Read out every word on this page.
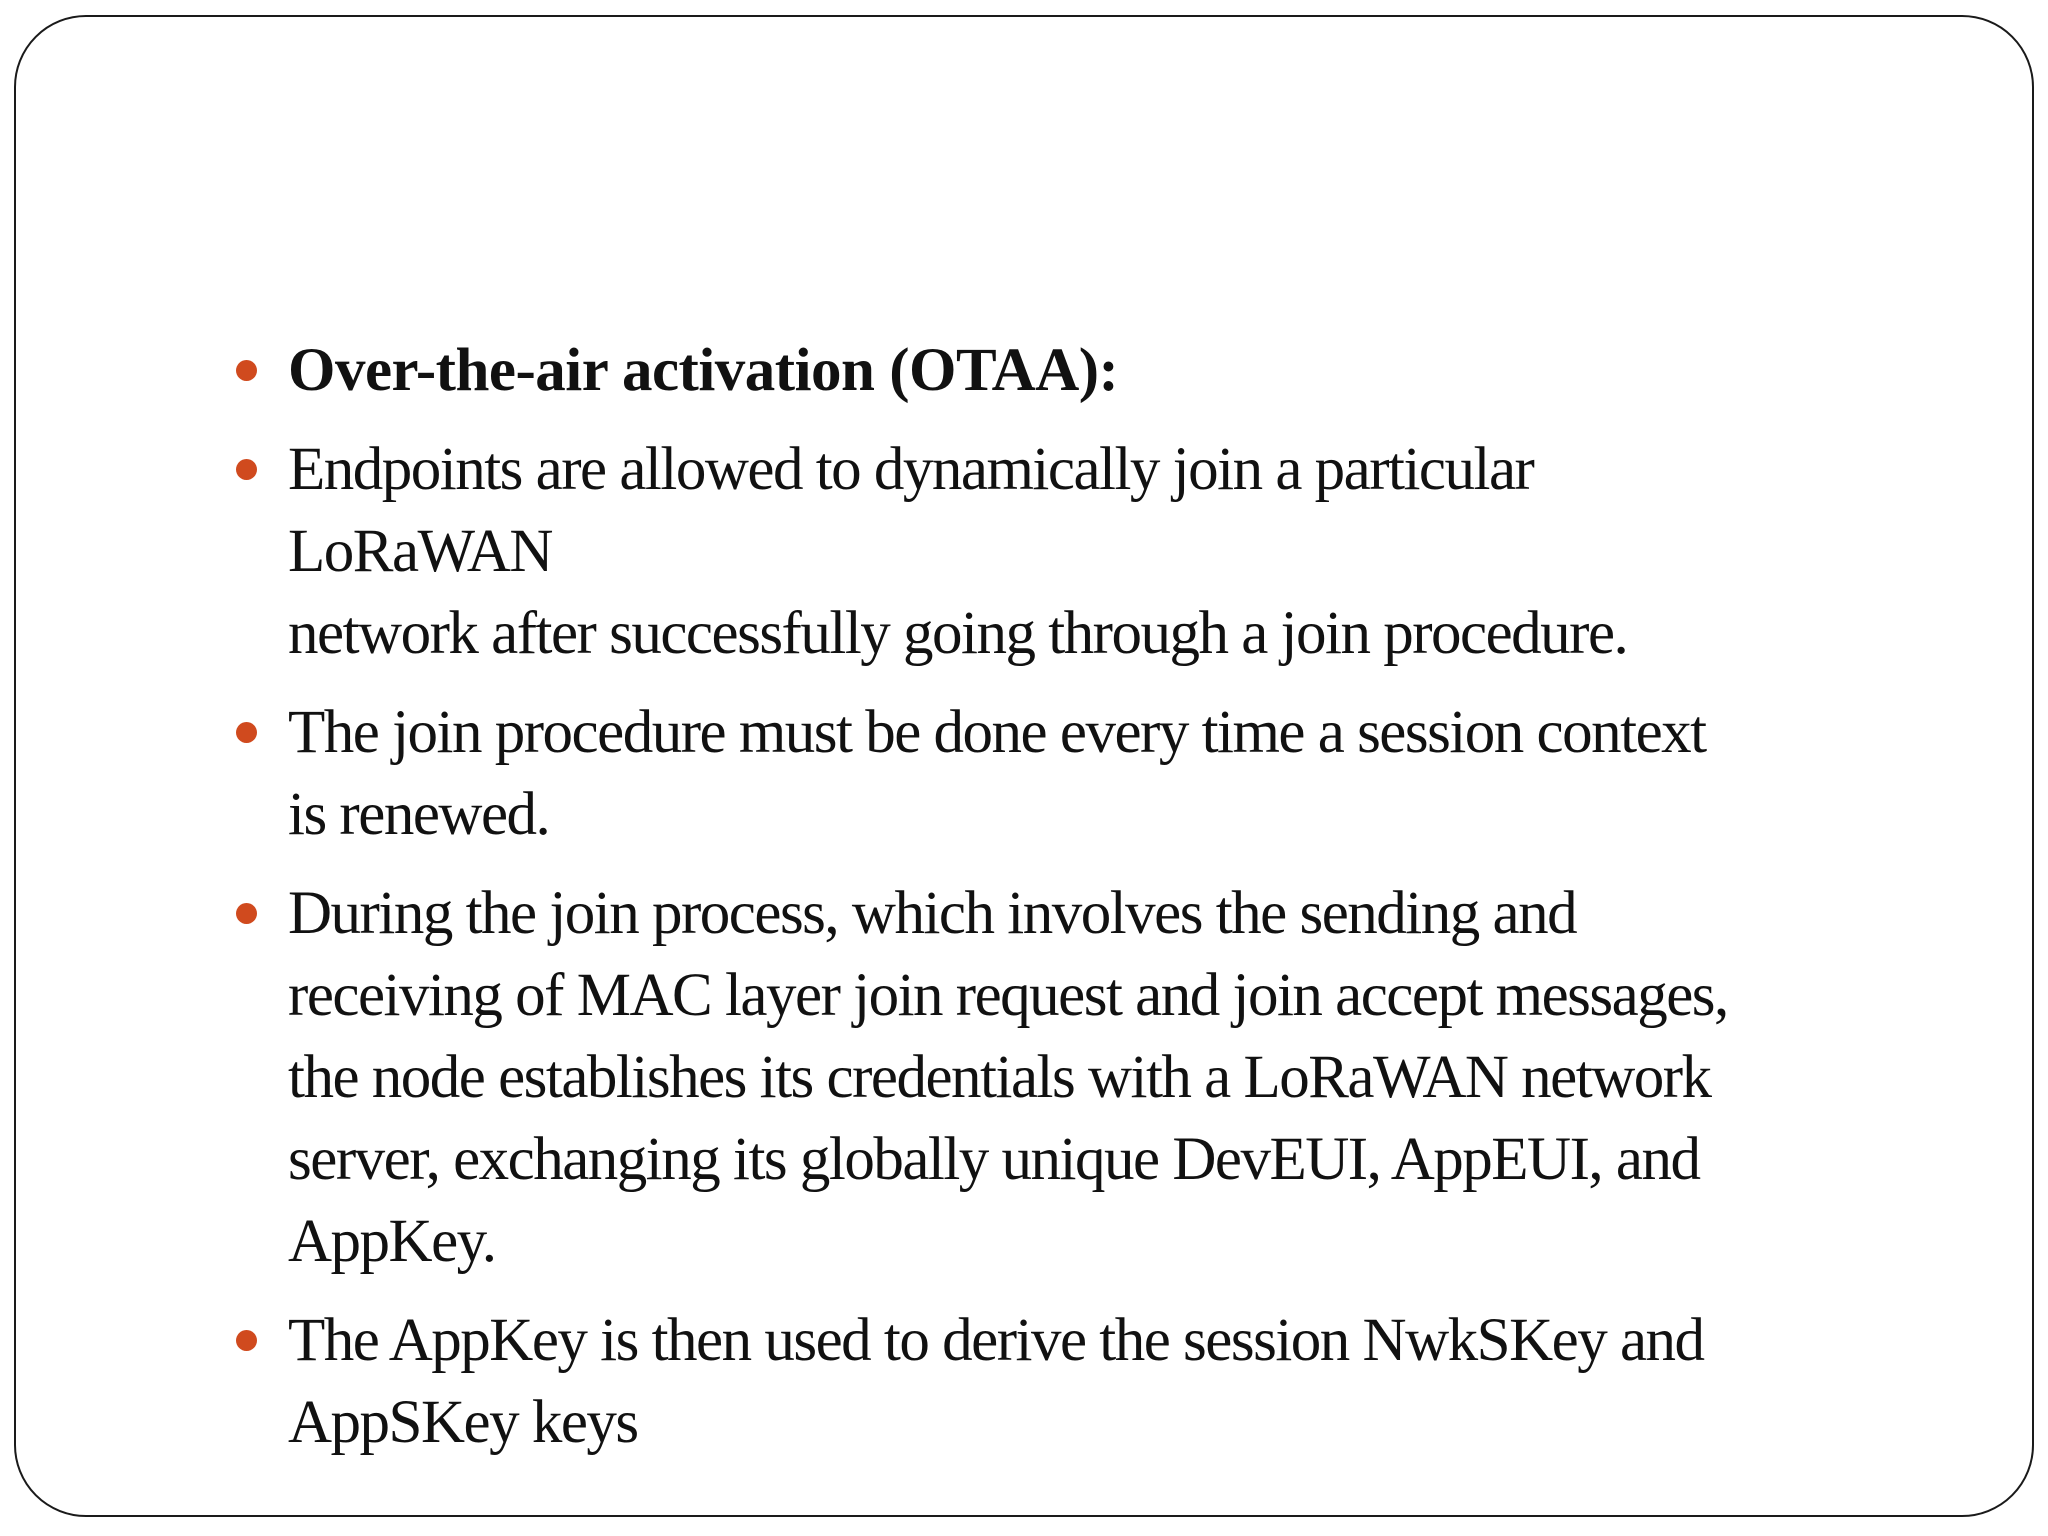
Over-the-air activation (OTAA):
Endpoints are allowed to dynamically join a particular
LoRaWAN
network after successfully going through a join procedure.
The join procedure must be done every time a session context
is renewed.
During the join process, which involves the sending and
receiving of MAC layer join request and join accept messages,
the node establishes its credentials with a LoRaWAN network
server, exchanging its globally unique DevEUI, AppEUI, and
AppKey.
The AppKey is then used to derive the session NwkSKey and
AppSKey keys
